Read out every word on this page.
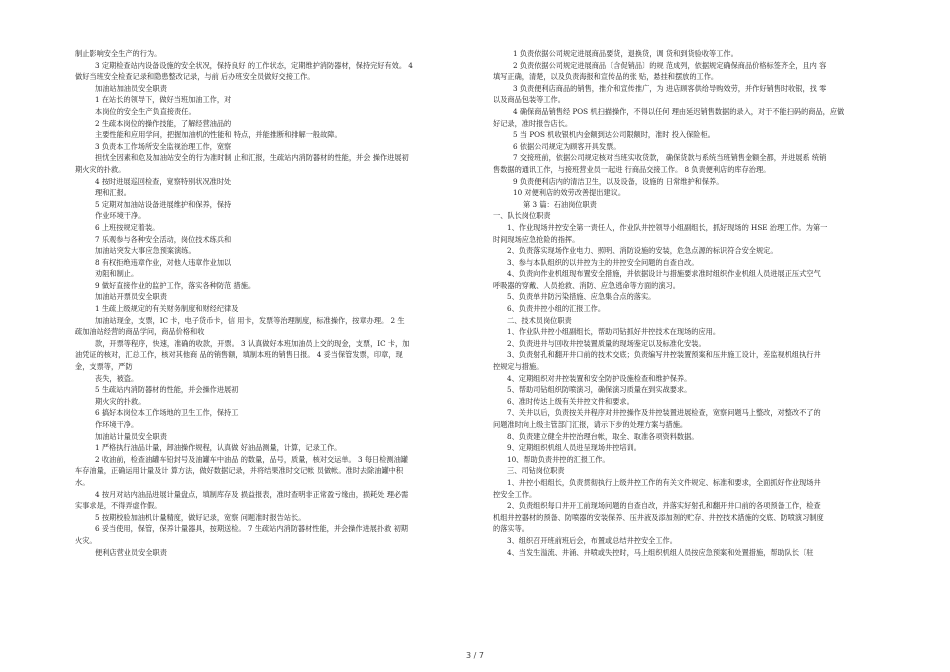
制止影响安全生产的行为。
3 定期检查站内设备设施的安全状况，保持良好 的工作状态，定期维护消防器材，保持完好有效。 4
做好当班安全检查记录和隐患整改记录，与前 后办班安全员做好交接工作。
加油站加油员安全职责
1 在站长的领导下，做好当班加油工作，对
本岗位的安全生产负直接责任。
2 生疏本岗位的操作技能，了解经营油品的
主要性能和应用学问，把握加油机的性能和 特点，并能推断和排解一般故障。
3 负责本工作场所安全监视治理工作，宽察
担忧全因素和危及加油站安全的行为准时制 止和汇报，生疏站内消防器材的性能，并会 操作进展初
期火灾的扑救。
4 按时进展巡回检查，宽察特别状况准时处
理和汇报。
5 定期对加油站设备进展维护和保养，保持
作业环境干净。
6 上班按规定着装。
7 乐观参与各种安全活动，岗位技术练兵和
加油站突发大事应急预案演练。
8 有权拒绝违章作业，对他人违章作业加以
劝阻和制止。
9 做好直接作业的监护工作，落实各种防范 措施。
加油站开票员安全职责
1 生疏上级规定的有关财务制度和财经纪律及
加油站现金，支票，IC 卡，电子货币卡，信 用卡，发票等治理制度，标准操作，按章办理。 2 生
疏加油站经营的商品学问，商品价格和收
款，开票等程序，快速，准确的收款，开票。 3 认真做好本班加油员上交的现金，支票，IC 卡，加
油凭证的核对，汇总工作，核对其他商 品的销售额，填制本班的销售日报。 4 妥当保管发票，印章，现
金，支票等，严防
丧失，被盗。
5 生疏站内消防器材的性能，并会操作进展初
期火灾的扑救。
6 搞好本岗位本工作场地的卫生工作，保持工
作环境干净。
加油站计量员安全职责
1 严格执行油品计量，卸油操作规程，认真做 好油品测量，计算，记录工作。
2 收油前，检查油罐车铅封号及油罐车中油品 的数量，品号，质量，核对交运单。 3 每日检测油罐
车存油量，正确运用计量及计 算方法，做好数据记录，并将结果准时交记帐 员做帐。准时去除油罐中积
水。
4 按月对站内油品进展计量盘点，填制库存及 损益报表，准时查明非正常盈亏缘由，损耗处 理必需
实事求是，不得弄虚作假。
5 按期校验加油机计量精度，做好记录，宽察 问题准时报告站长。
6 妥当使用，保管，保养计量器具，按期送检。 7 生疏站内消防器材性能，并会操作进展扑救 初期
火灾。
便利店营业员安全职责
1 负责依据公司规定进展商品要货，退换货，调 货和到货验收等工作。
2 负责依据公司规定进展商品〔含促销品〕的规 范成列，依据规定确保商品价格标签齐全，且内 容
填写正确，清楚，以及负责海报和宣传品的张 贴，悬挂和摆放的工作。
3 负责便利店商品的销售，推介和宣传推广，为 进店顾客供给导购效劳，并作好销售时收银，找 零
以及商品包装等工作。
4 确保商品销售经 POS 机扫描操作，不得以任何 理由延迟销售数据的录入，对于不能扫码的商品，应做
好记录，准时报告店长。
5 当 POS 机收银机内金额到达公司限额时，准时 投入保险柜。
6 依据公司规定为顾客开具发票。
7 交接班前，依据公司规定核对当班实收货款， 确保货款与系统当班销售金额全都，并进展系 统销
售数据的通讯工作，与接班营业员一起进 行商品交接工作。 8 负责便利店的库存治理。
9 负责便利店内的清洁卫生，以及设备，设施的 日常维护和保养。
10 对便利店的效劳改善提出建议。
第 3 篇：石油岗位职责
一、队长岗位职责
1、作业现场井控安全第一责任人，作业队井控领导小组副组长，抓好现场的 HSE 治理工作。为第一
时间现场应急抢险的指挥。
2、负责落实现场作业电力、照明、消防设施的安装，危急点源的标识符合安全规定。
3、参与本队组织的以井控为主的井控安全问题的自查自改。
4、负责向作业机组现布置安全措施，并依据设计与措施要求准时组织作业机组人员进展正压式空气
呼吸器的穿戴、人员抢救、消防、应急逃命等方面的演习。
5、负责单井防污染措施、应急集合点的落实。
6、负责井控小组的汇报工作。
二、技术员岗位职责
1、作业队井控小组副组长，帮助司钻抓好井控技术在现场的应用。
2、负责进井与回收井控装置质量的现场鉴定以及标准化安装。
3、负责射孔和翻开井口前的技术交底；负责编写井控装置预案和压井施工设计，差监视机组执行井
控规定与措施。
4、定期组织对井控装置和安全防护设施检查和维护保养。
5、帮助司钻组织防喷演习，确保演习质量在到实战要求。
6、准时传达上级有关井控文件和要求。
7、关井以后，负责按关井程序对井控操作及井控装置进展检查，宽察问题马上整改，对整改不了的
问题准时向上级主管部门汇报，请示下步的处理方案与措施。
8、负责建立健全井控治理台帐，取全、取准各项资料数据。
9、定期组织机组人员进呈现场井控培训。
10、帮助负责井控的汇报工作。
三、司钻岗位职责
1、井控小组组长，负责贯彻执行上级井控工作的有关文件规定、标准和要求，全面抓好作业现场井
控安全工作。
2、负责组织每口井开工前现场问题的自查自改，并落实好射孔和翻开井口前的各项预备工作，检查
机组井控器材的预备、防喷器的安装保养、压井液及添加剂的贮存、井控技术措施的交底、防喷演习制度
的落实等。
3、组织召开班前班后会，布置或总结井控安全工作。
4、当发生溢流、井涌、井喷或失控时，马上组织机组人员按应急预案和处置措施，帮助队长〔驻
3 / 7
